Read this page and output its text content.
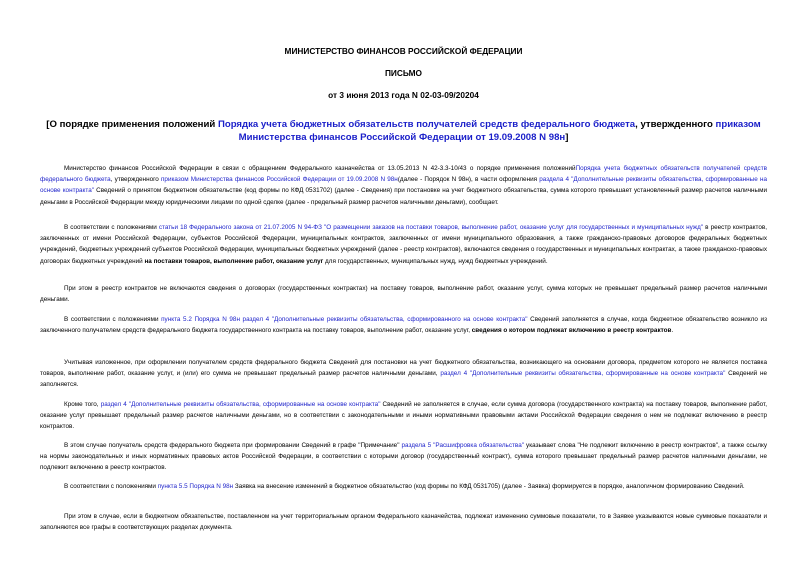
МИНИСТЕРСТВО ФИНАНСОВ РОССИЙСКОЙ ФЕДЕРАЦИИ
ПИСЬМО
от 3 июня 2013 года N 02-03-09/20204
[О порядке применения положений Порядка учета бюджетных обязательств получателей средств федерального бюджета, утвержденного приказом Министерства финансов Российской Федерации от 19.09.2008 N 98н]
Министерство финансов Российской Федерации в связи с обращением Федерального казначейства от 13.05.2013 N 42-3.3-10/43 о порядке применения положенийПорядка учета бюджетных обязательств получателей средств федерального бюджета, утвержденного приказом Министерства финансов Российской Федерации от 19.09.2008 N 98н(далее - Порядок N 98н), в части оформления раздела 4 "Дополнительные реквизиты обязательства, сформированные на основе контракта" Сведений о принятом бюджетном обязательстве (код формы по КФД 0531702) (далее - Сведения) при постановке на учет бюджетного обязательства, сумма которого превышает установленный размер расчетов наличными деньгами в Российской Федерации между юридическими лицами по одной сделке (далее - предельный размер расчетов наличными деньгами), сообщает.
В соответствии с положениями статьи 18 Федерального закона от 21.07.2005 N 94-ФЗ "О размещении заказов на поставки товаров, выполнение работ, оказание услуг для государственных и муниципальных нужд" в реестр контрактов, заключенных от имени Российской Федерации, субъектов Российской Федерации, муниципальных контрактов, заключенных от имени муниципального образования, а также гражданско-правовых договоров федеральных бюджетных учреждений, бюджетных учреждений субъектов Российской Федерации, муниципальных бюджетных учреждений (далее - реестр контрактов), включаются сведения о государственных и муниципальных контрактах, а также гражданско-правовых договорах бюджетных учреждений на поставки товаров, выполнение работ, оказание услуг для государственных, муниципальных нужд, нужд бюджетных учреждений.
При этом в реестр контрактов не включаются сведения о договорах (государственных контрактах) на поставку товаров, выполнение работ, оказание услуг, сумма которых не превышает предельный размер расчетов наличными деньгами.
В соответствии с положениями пункта 5.2 Порядка N 98н раздел 4 "Дополнительные реквизиты обязательства, сформированного на основе контракта" Сведений заполняется в случае, когда бюджетное обязательство возникло из заключенного получателем средств федерального бюджета государственного контракта на поставку товаров, выполнение работ, оказание услуг, сведения о котором подлежат включению в реестр контрактов.
Учитывая изложенное, при оформлении получателем средств федерального бюджета Сведений для постановки на учет бюджетного обязательства, возникающего на основании договора, предметом которого не является поставка товаров, выполнение работ, оказание услуг, и (или) его сумма не превышает предельный размер расчетов наличными деньгами, раздел 4 "Дополнительные реквизиты обязательства, сформированные на основе контракта" Сведений не заполняется.
Кроме того, раздел 4 "Дополнительные реквизиты обязательства, сформированные на основе контракта" Сведений не заполняется в случае, если сумма договора (государственного контракта) на поставку товаров, выполнение работ, оказание услуг превышает предельный размер расчетов наличными деньгами, но в соответствии с законодательными и иными нормативными правовыми актами Российской Федерации сведения о нем не подлежат включению в реестр контрактов.
В этом случае получатель средств федерального бюджета при формировании Сведений в графе "Примечание" раздела 5 "Расшифровка обязательства" указывает слова "Не подлежит включению в реестр контрактов", а также ссылку на нормы законодательных и иных нормативных правовых актов Российской Федерации, в соответствии с которыми договор (государственный контракт), сумма которого превышает предельный размер расчетов наличными деньгами, не подлежит включению в реестр контрактов.
В соответствии с положениями пункта 5.5 Порядка N 98н Заявка на внесение изменений в бюджетное обязательство (код формы по КФД 0531705) (далее - Заявка) формируется в порядке, аналогичном формированию Сведений.
При этом в случае, если в бюджетном обязательстве, поставленном на учет территориальным органом Федерального казначейства, подлежат изменению суммовые показатели, то в Заявке указываются новые суммовые показатели и заполняются все графы в соответствующих разделах документа.
